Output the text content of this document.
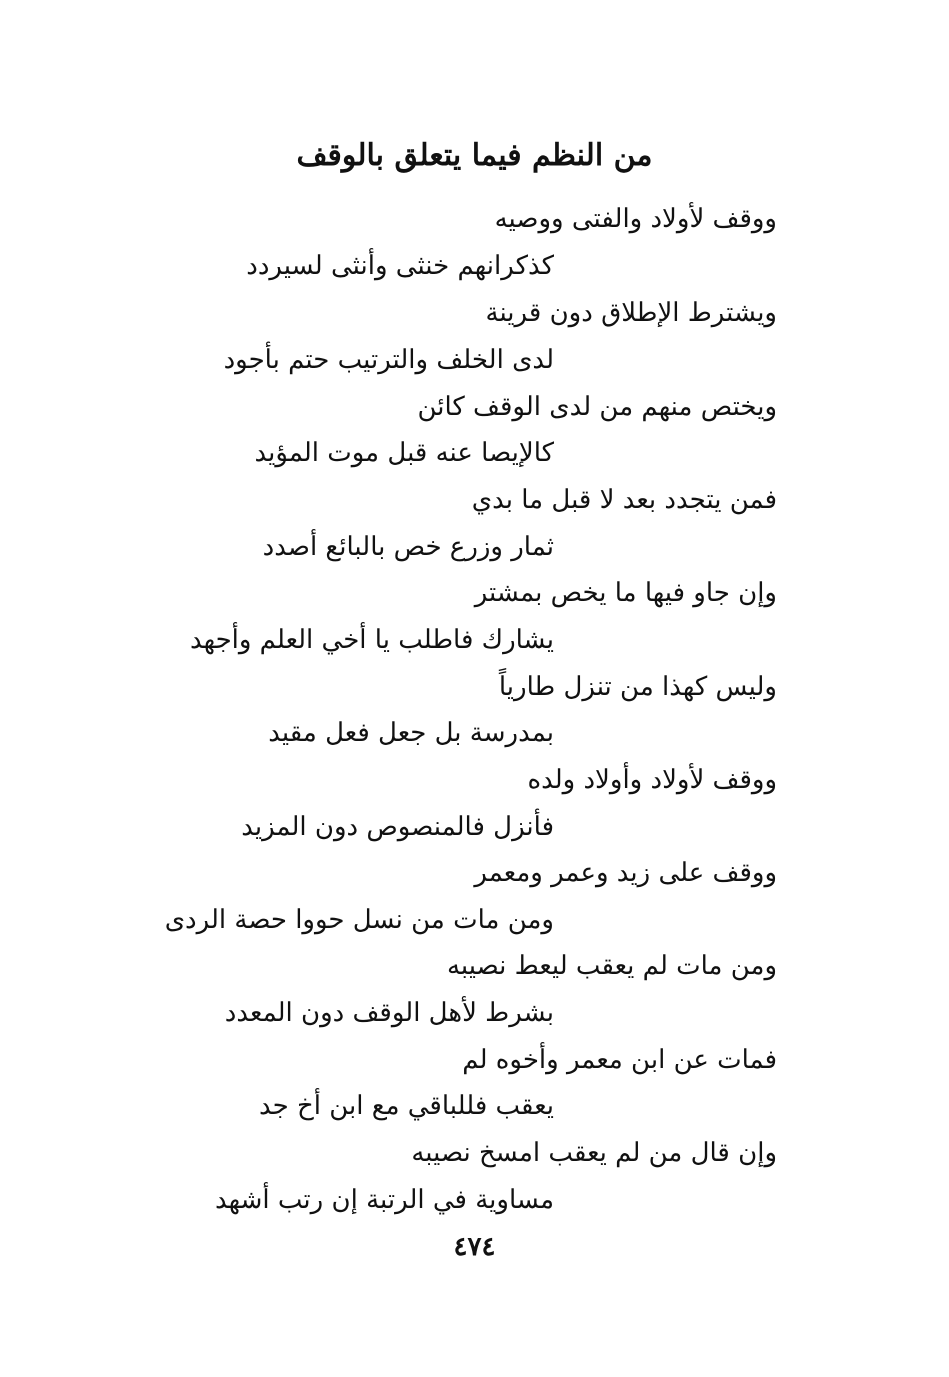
من النظم فيما يتعلق بالوقف
ووقف لأولاد والفتى ووصيه
كذكرانهم خنثى وأنثى لسيردد
ويشترط الإطلاق دون قرينة
لدى الخلف والترتيب حتم بأجود
ويختص منهم من لدى الوقف كائن
كالإيصا عنه قبل موت المؤيد
فمن يتجدد بعد لا قبل ما بدي
ثمار وزرع خص بالبائع أصدد
وإن جاو فيها ما يخص بمشتر
يشارك فاطلب يا أخي العلم وأجهد
وليس كهذا من تنزل طارياً
بمدرسة بل جعل فعل مقيد
ووقف لأولاد وأولاد ولده
فأنزل فالمنصوص دون المزيد
ووقف على زيد وعمر ومعمر
ومن مات من نسل حووا حصة الردى
ومن مات لم يعقب ليعط نصيبه
بشرط لأهل الوقف دون المعدد
فمات عن ابن معمر وأخوه لم
يعقب فللباقي مع ابن أخ جد
وإن قال من لم يعقب امسخ نصيبه
مساوية في الرتبة إن رتب أشهد
٤٧٤
